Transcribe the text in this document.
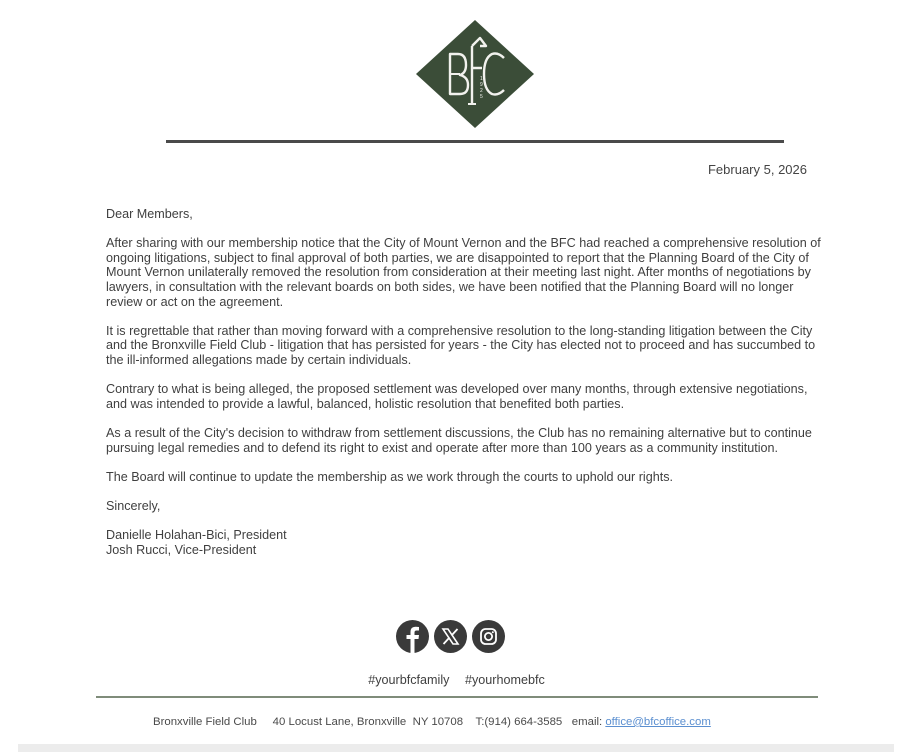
1
9
2
5
February 5, 2026

Dear Members,

After sharing with our membership notice that the City of Mount Vernon and the BFC had reached a comprehensive resolution of ongoing litigations, subject to final approval of both parties, we are disappointed to report that the Planning Board of the City of Mount Vernon unilaterally removed the resolution from consideration at their meeting last night. After months of negotiations by lawyers, in consultation with the relevant boards on both sides, we have been notified that the Planning Board will no longer review or act on the agreement.

It is regrettable that rather than moving forward with a comprehensive resolution to the long-standing litigation between the City and the Bronxville Field Club - litigation that has persisted for years - the City has elected not to proceed and has succumbed to the ill-informed allegations made by certain individuals.

Contrary to what is being alleged, the proposed settlement was developed over many months, through extensive negotiations, and was intended to provide a lawful, balanced, holistic resolution that benefited both parties.

As a result of the City's decision to withdraw from settlement discussions, the Club has no remaining alternative but to continue pursuing legal remedies and to defend its right to exist and operate after more than 100 years as a community institution.

The Board will continue to update the membership as we work through the courts to uphold our rights.

Sincerely,

Danielle Holahan-Bici, President

Josh Rucci, Vice-President

#yourbfcfamily #yourhomebfc
Bronxville Field Club 40 Locust Lane, Bronxville  NY 10708 T:(914) 664-3585 email: office@bfcoffice.com
